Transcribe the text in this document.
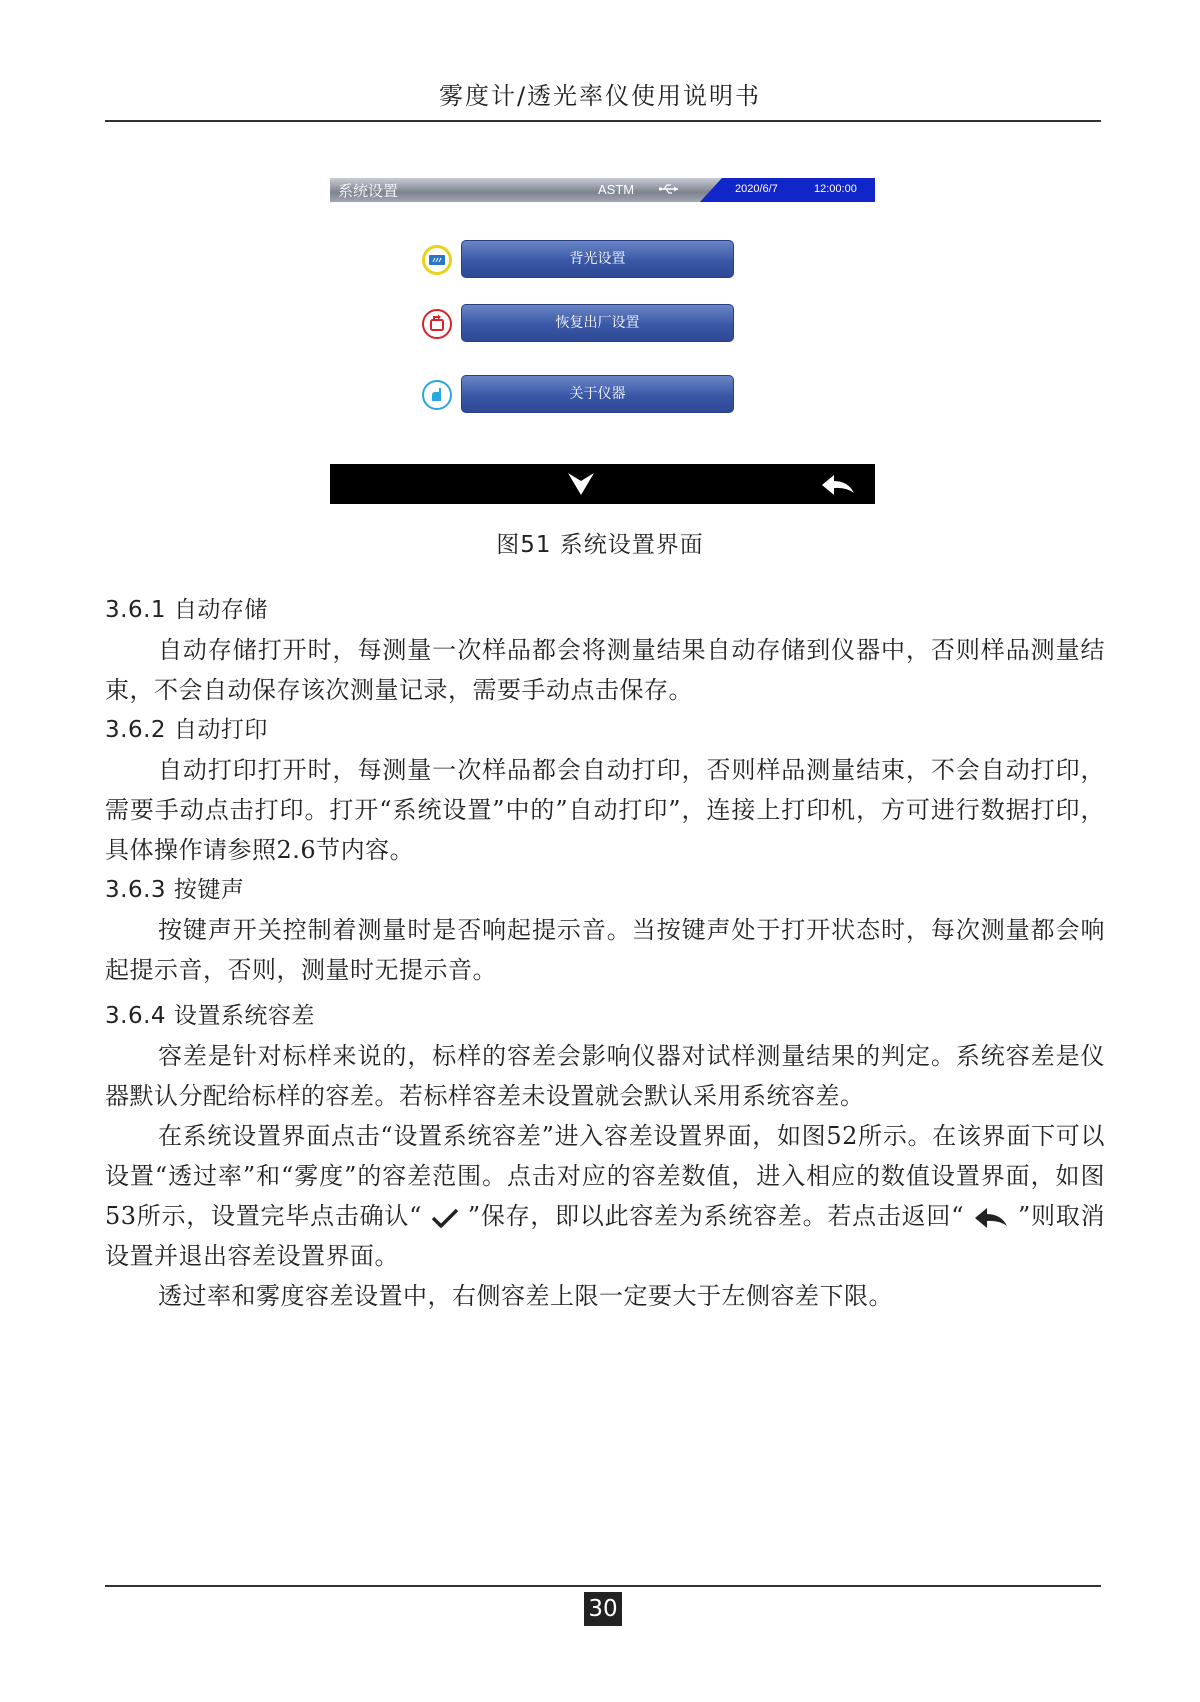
雾度计/透光率仪使用说明书
系统设置	ASTM	2020/6/7	12:00:00
背光设置
恢复出厂设置
关于仪器
图51 系统设置界面
3.6.1 自动存储
自动存储打开时，每测量一次样品都会将测量结果自动存储到仪器中，否则样品测量结束，不会自动保存该次测量记录，需要手动点击保存。
3.6.2 自动打印
自动打印打开时，每测量一次样品都会自动打印，否则样品测量结束，不会自动打印，需要手动点击打印。打开“系统设置”中的”自动打印”，连接上打印机，方可进行数据打印，具体操作请参照2.6节内容。
3.6.3 按键声
按键声开关控制着测量时是否响起提示音。当按键声处于打开状态时，每次测量都会响起提示音，否则，测量时无提示音。
3.6.4 设置系统容差
容差是针对标样来说的，标样的容差会影响仪器对试样测量结果的判定。系统容差是仪器默认分配给标样的容差。若标样容差未设置就会默认采用系统容差。
在系统设置界面点击“设置系统容差”进入容差设置界面，如图52所示。在该界面下可以设置“透过率”和“雾度”的容差范围。点击对应的容差数值，进入相应的数值设置界面，如图53所示，设置完毕点击确认“ ”保存，即以此容差为系统容差。若点击返回“ ”则取消设置并退出容差设置界面。
透过率和雾度容差设置中，右侧容差上限一定要大于左侧容差下限。
30
